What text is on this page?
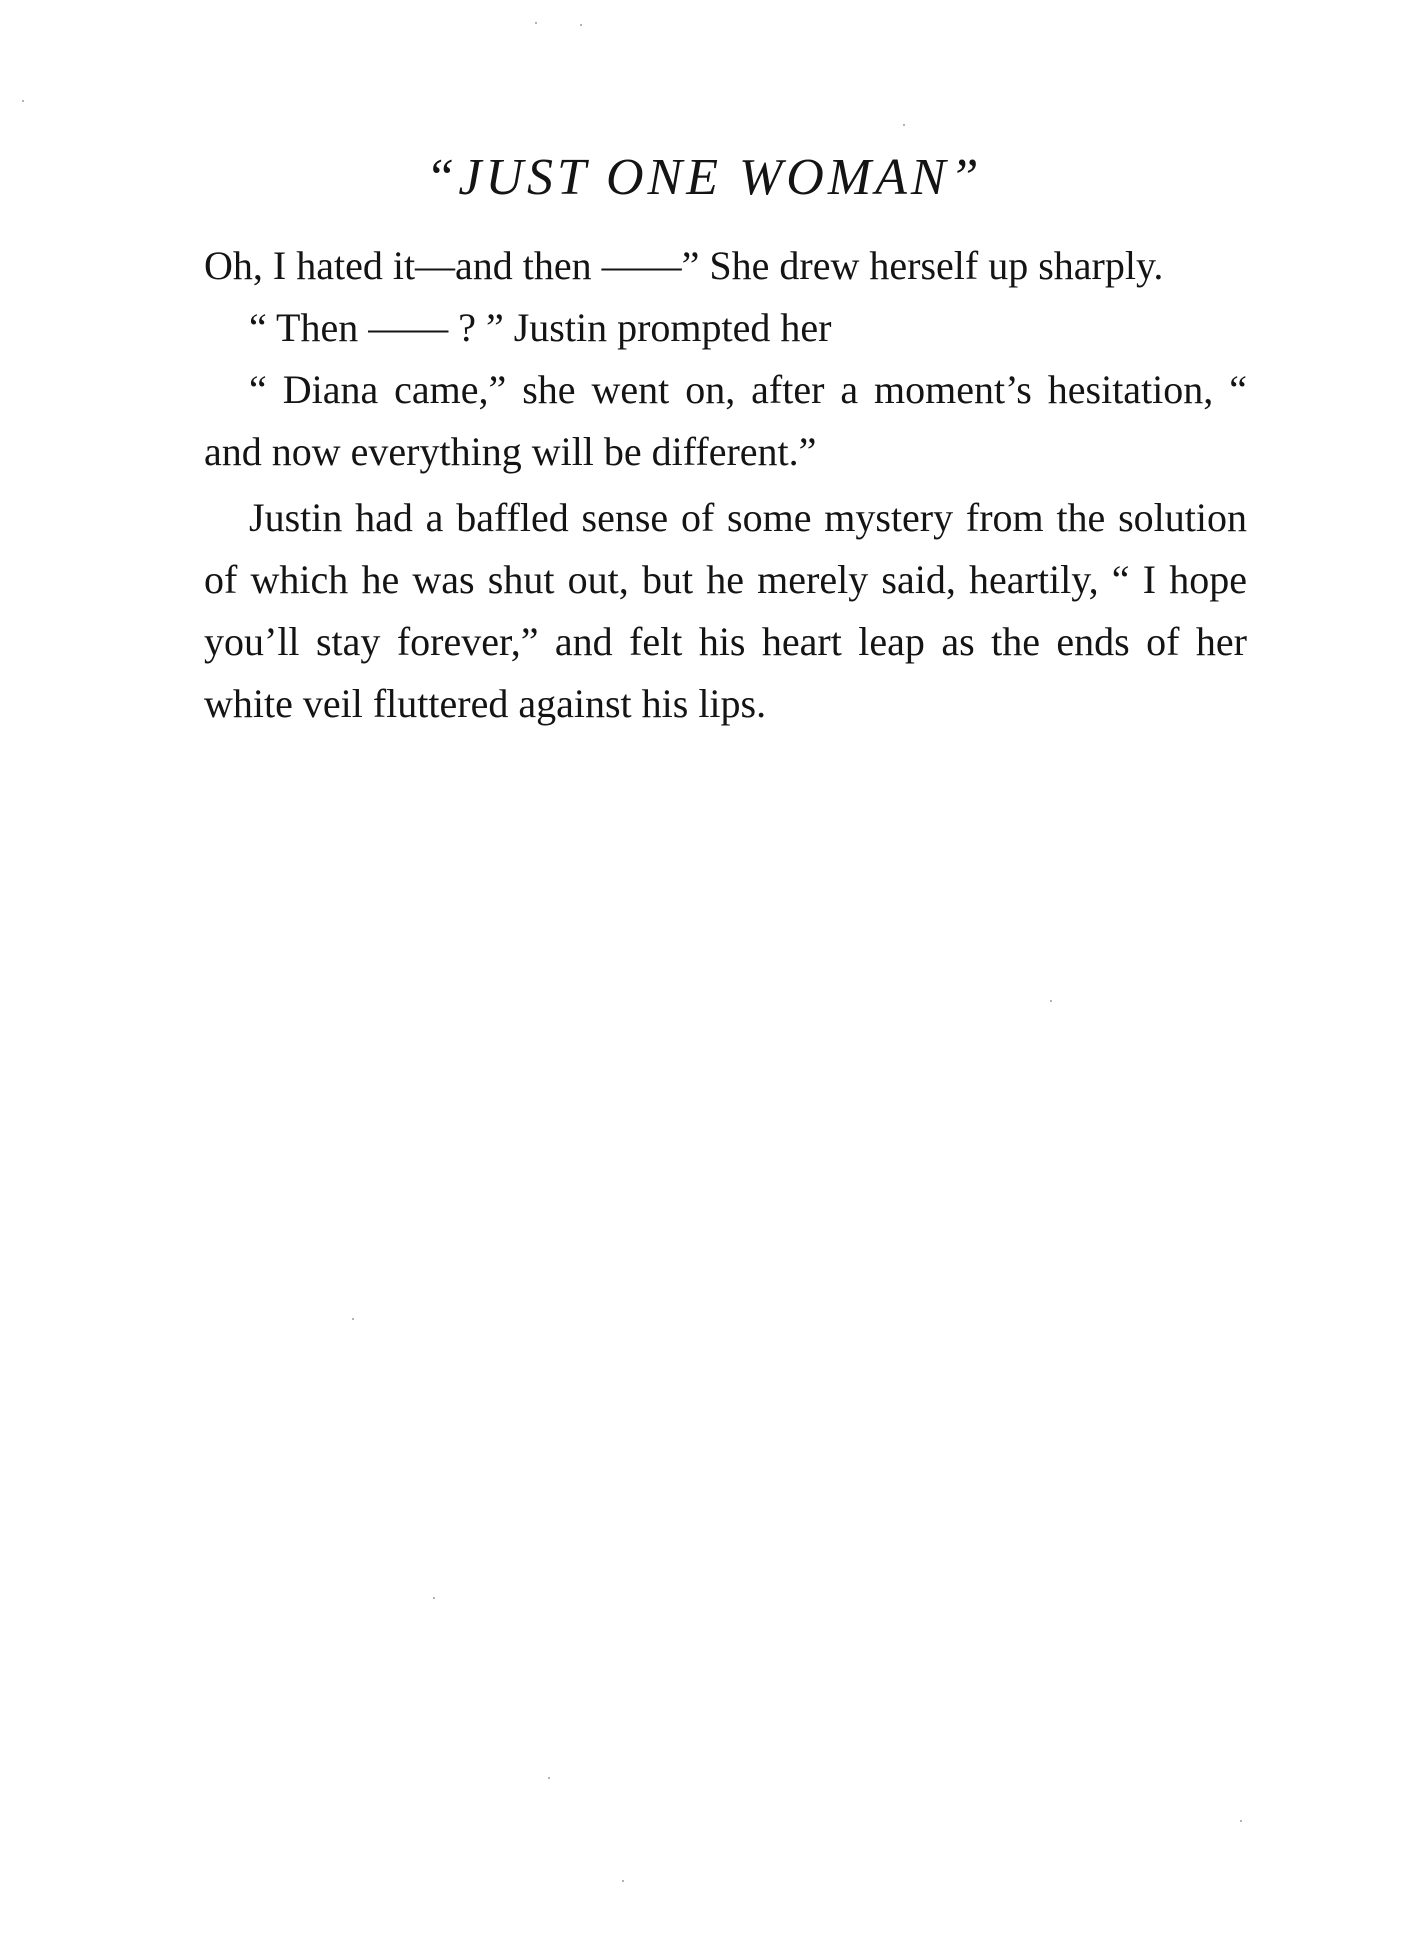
“JUST ONE WOMAN”

Oh, I hated it—and then ——” She drew herself up sharply.

“ Then —— ? ” Justin prompted her

“ Diana came,” she went on, after a moment’s hesitation, “ and now everything will be different.”

Justin had a baffled sense of some mystery from the solution of which he was shut out, but he merely said, heartily, “ I hope you’ll stay forever,” and felt his heart leap as the ends of her white veil fluttered against his lips.
